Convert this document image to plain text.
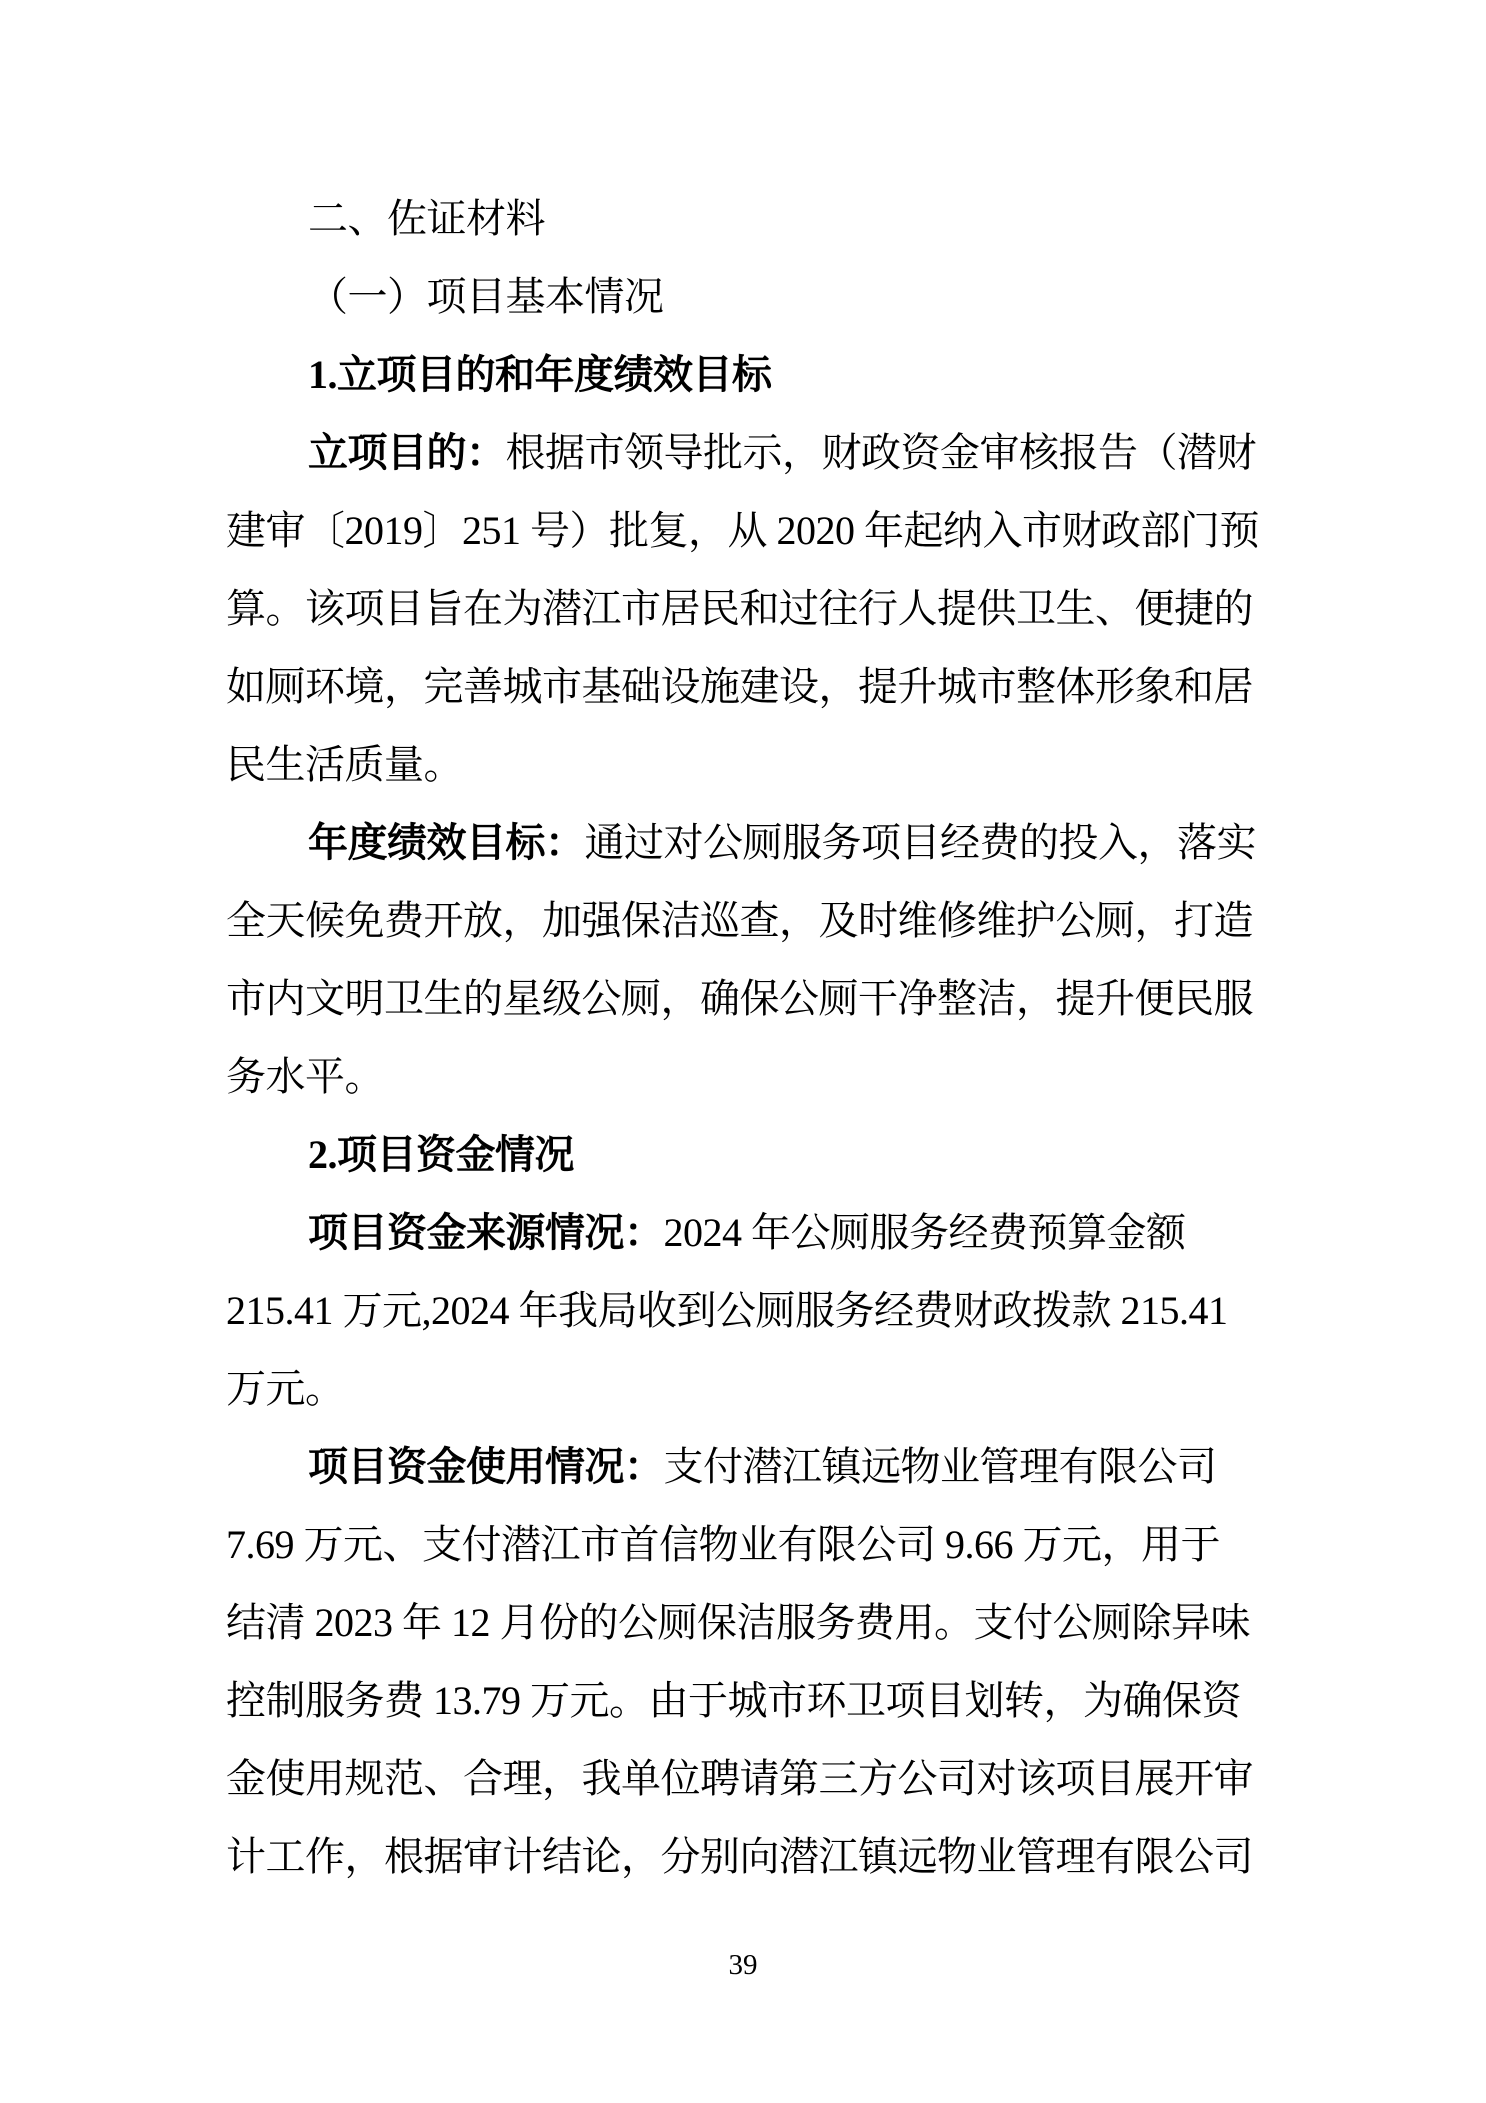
二、佐证材料
（一）项目基本情况
1.立项目的和年度绩效目标
立项目的：根据市领导批示，财政资金审核报告（潜财
建审〔2019〕251 号）批复，从 2020 年起纳入市财政部门预
算。该项目旨在为潜江市居民和过往行人提供卫生、便捷的
如厕环境，完善城市基础设施建设，提升城市整体形象和居
民生活质量。
年度绩效目标：通过对公厕服务项目经费的投入，落实
全天候免费开放，加强保洁巡查，及时维修维护公厕，打造
市内文明卫生的星级公厕，确保公厕干净整洁，提升便民服
务水平。
2.项目资金情况
项目资金来源情况：2024 年公厕服务经费预算金额
215.41 万元,2024 年我局收到公厕服务经费财政拨款 215.41
万元。
项目资金使用情况：支付潜江镇远物业管理有限公司
7.69 万元、支付潜江市首信物业有限公司 9.66 万元，用于
结清 2023 年 12 月份的公厕保洁服务费用。支付公厕除异味
控制服务费 13.79 万元。由于城市环卫项目划转，为确保资
金使用规范、合理，我单位聘请第三方公司对该项目展开审
计工作，根据审计结论，分别向潜江镇远物业管理有限公司
39
